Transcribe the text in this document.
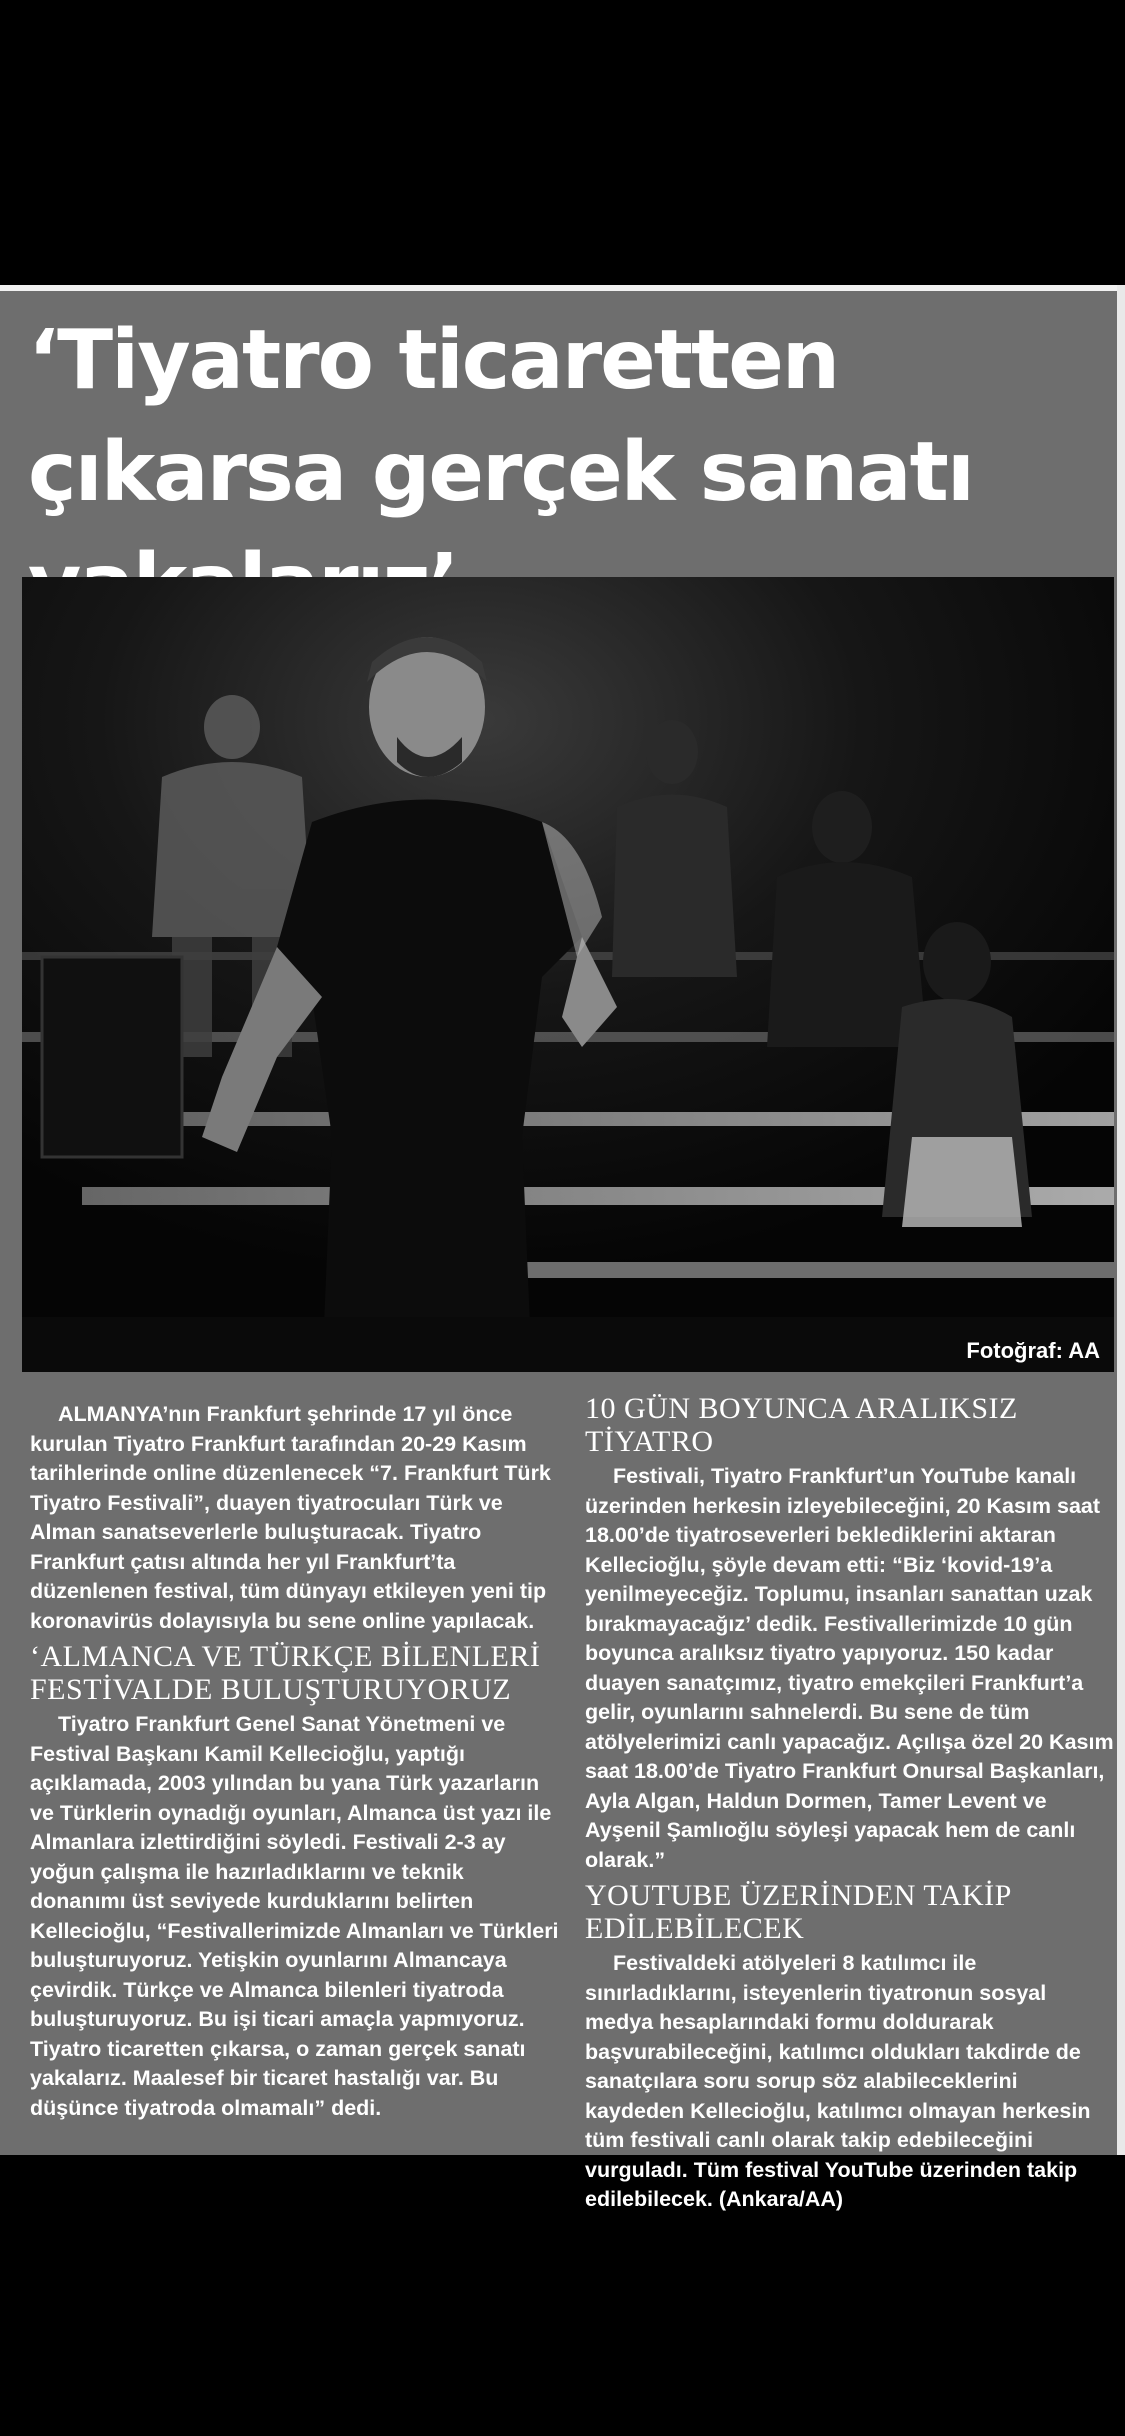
‘Tiyatro ticaretten çıkarsa gerçek sanatı
Fotoğraf: AA

ALMANYA’nın Frankfurt şehrinde 17 yıl önce kurulan Tiyatro Frankfurt tarafından 20-29 Kasım tarihlerinde online düzenlenecek “7. Frankfurt Türk Tiyatro Festivali”, duayen tiyatrocuları Türk ve Alman sanatseverlerle buluşturacak. Tiyatro Frankfurt çatısı altında her yıl Frankfurt’ta düzenlenen festival, tüm dünyayı etkileyen yeni tip koronavirüs dolayısıyla bu sene online yapılacak.

‘ALMANCA VE TÜRKÇE BİLENLERİ FESTİVALDE BULUŞTURUYORUZ

Tiyatro Frankfurt Genel Sanat Yönetmeni ve Festival Başkanı Kamil Kellecioğlu, yaptığı açıklamada, 2003 yılından bu yana Türk yazarların ve Türklerin oynadığı oyunları, Almanca üst yazı ile Almanlara izlettirdiğini söyledi. Festivali 2-3 ay yoğun çalışma ile hazırladıklarını ve teknik donanımı üst seviyede kurduklarını belirten Kellecioğlu, “Festivallerimizde Almanları ve Türkleri buluşturuyoruz. Yetişkin oyunlarını Almancaya çevirdik. Türkçe ve Almanca bilenleri tiyatroda buluşturuyoruz. Bu işi ticari amaçla yapmıyoruz. Tiyatro ticaretten çıkarsa, o zaman gerçek sanatı yakalarız. Maalesef bir ticaret hastalığı var. Bu düşünce tiyatroda olmamalı” dedi.

10 GÜN BOYUNCA ARALIKSIZ TİYATRO

Festivali, Tiyatro Frankfurt’un YouTube kanalı üzerinden herkesin izleyebileceğini, 20 Kasım saat 18.00’de tiyatroseverleri beklediklerini aktaran Kellecioğlu, şöyle devam etti: “Biz ‘kovid-19’a yenilmeyeceğiz. Toplumu, insanları sanattan uzak bırakmayacağız’ dedik. Festivallerimizde 10 gün boyunca aralıksız tiyatro yapıyoruz. 150 kadar duayen sanatçımız, tiyatro emekçileri Frankfurt’a gelir, oyunlarını sahnelerdi. Bu sene de tüm atölyelerimizi canlı yapacağız. Açılışa özel 20 Kasım saat 18.00’de Tiyatro Frankfurt Onursal Başkanları, Ayla Algan, Haldun Dormen, Tamer Levent ve Ayşenil Şamlıoğlu söyleşi yapacak hem de canlı olarak.”

YOUTUBE ÜZERİNDEN TAKİP EDİLEBİLECEK

Festivaldeki atölyeleri 8 katılımcı ile sınırladıklarını, isteyenlerin tiyatronun sosyal medya hesaplarındaki formu doldurarak başvurabileceğini, katılımcı oldukları takdirde de sanatçılara soru sorup söz alabileceklerini kaydeden Kellecioğlu, katılımcı olmayan herkesin tüm festivali canlı olarak takip edebileceğini vurguladı. Tüm festival YouTube üzerinden takip edilebilecek. (Ankara/AA)
